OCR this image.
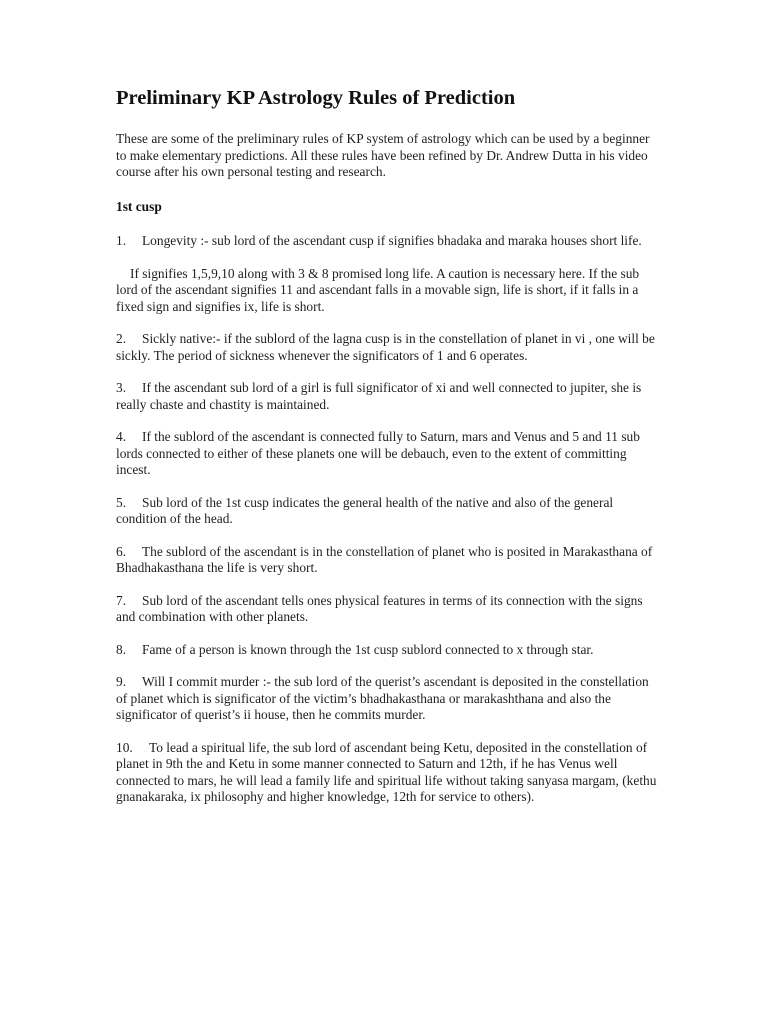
Preliminary KP Astrology Rules of Prediction

These are some of the preliminary rules of KP system of astrology which can be used by a beginner to make elementary predictions. All these rules have been refined by Dr. Andrew Dutta in his video course after his own personal testing and research.

1st cusp

1. Longevity :- sub lord of the ascendant cusp if signifies bhadaka and maraka houses short life.

If signifies 1,5,9,10 along with 3 & 8 promised long life. A caution is necessary here. If the sub lord of the ascendant signifies 11 and ascendant falls in a movable sign, life is short, if it falls in a fixed sign and signifies ix, life is short.

2. Sickly native:- if the sublord of the lagna cusp is in the constellation of planet in vi , one will be sickly. The period of sickness whenever the significators of 1 and 6 operates.

3. If the ascendant sub lord of a girl is full significator of xi and well connected to jupiter, she is really chaste and chastity is maintained.

4. If the sublord of the ascendant is connected fully to Saturn, mars and Venus and 5 and 11 sub lords connected to either of these planets one will be debauch, even to the extent of committing incest.

5. Sub lord of the 1st cusp indicates the general health of the native and also of the general condition of the head.

6. The sublord of the ascendant is in the constellation of planet who is posited in Marakasthana of Bhadhakasthana the life is very short.

7. Sub lord of the ascendant tells ones physical features in terms of its connection with the signs and combination with other planets.

8. Fame of a person is known through the 1st cusp sublord connected to x through star.

9. Will I commit murder :- the sub lord of the querist’s ascendant is deposited in the constellation of planet which is significator of the victim’s bhadhakasthana or marakashthana and also the significator of querist’s ii house, then he commits murder.

10. To lead a spiritual life, the sub lord of ascendant being Ketu, deposited in the constellation of planet in 9th the and Ketu in some manner connected to Saturn and 12th, if he has Venus well connected to mars, he will lead a family life and spiritual life without taking sanyasa margam, (kethu gnanakaraka, ix philosophy and higher knowledge, 12th for service to others).
